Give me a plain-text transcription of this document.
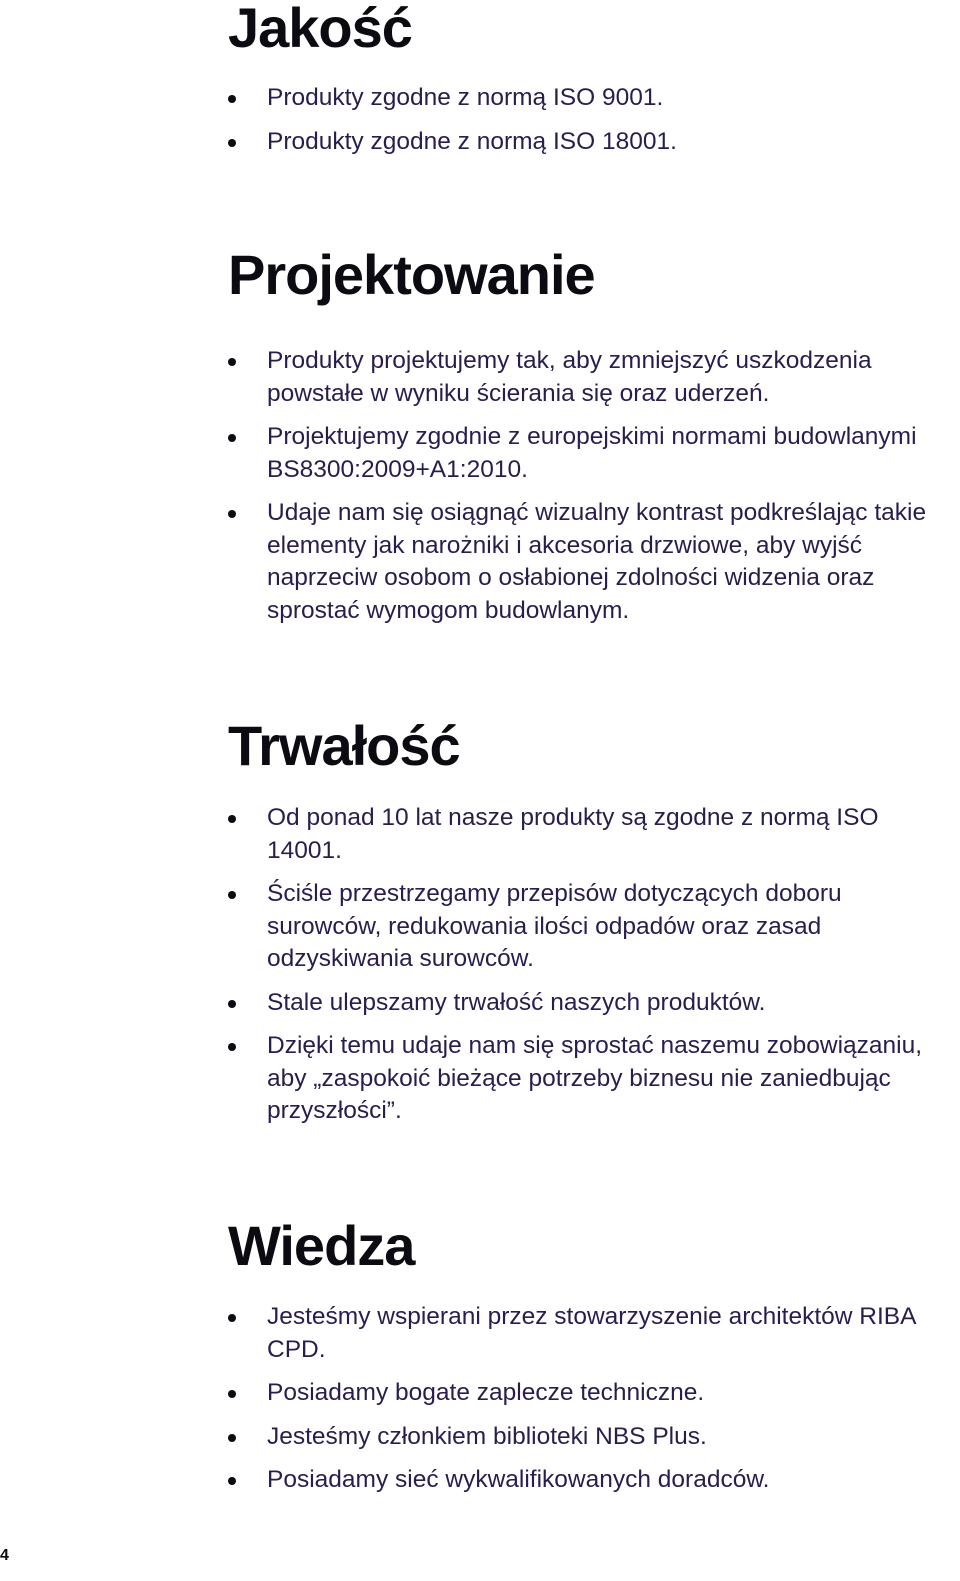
Jakość
Produkty zgodne z normą ISO 9001.
Produkty zgodne z normą ISO 18001.
Projektowanie
Produkty projektujemy tak, aby zmniejszyć uszkodzenia powstałe w wyniku ścierania się oraz uderzeń.
Projektujemy zgodnie z europejskimi normami budowlanymi BS8300:2009+A1:2010.
Udaje nam się osiągnąć wizualny kontrast podkreślając takie elementy jak narożniki i akcesoria drzwiowe, aby wyjść naprzeciw osobom o osłabionej zdolności widzenia oraz sprostać wymogom budowlanym.
Trwałość
Od ponad 10 lat nasze produkty są zgodne z normą ISO 14001.
Ściśle przestrzegamy przepisów dotyczących doboru surowców, redukowania ilości odpadów oraz zasad odzyskiwania surowców.
Stale ulepszamy trwałość naszych produktów.
Dzięki temu udaje nam się sprostać naszemu zobowiązaniu, aby „zaspokoić bieżące potrzeby biznesu nie zaniedbując przyszłości”.
Wiedza
Jesteśmy wspierani przez stowarzyszenie architektów RIBA CPD.
Posiadamy bogate zaplecze techniczne.
Jesteśmy członkiem biblioteki NBS Plus.
Posiadamy sieć wykwalifikowanych doradców.
4
